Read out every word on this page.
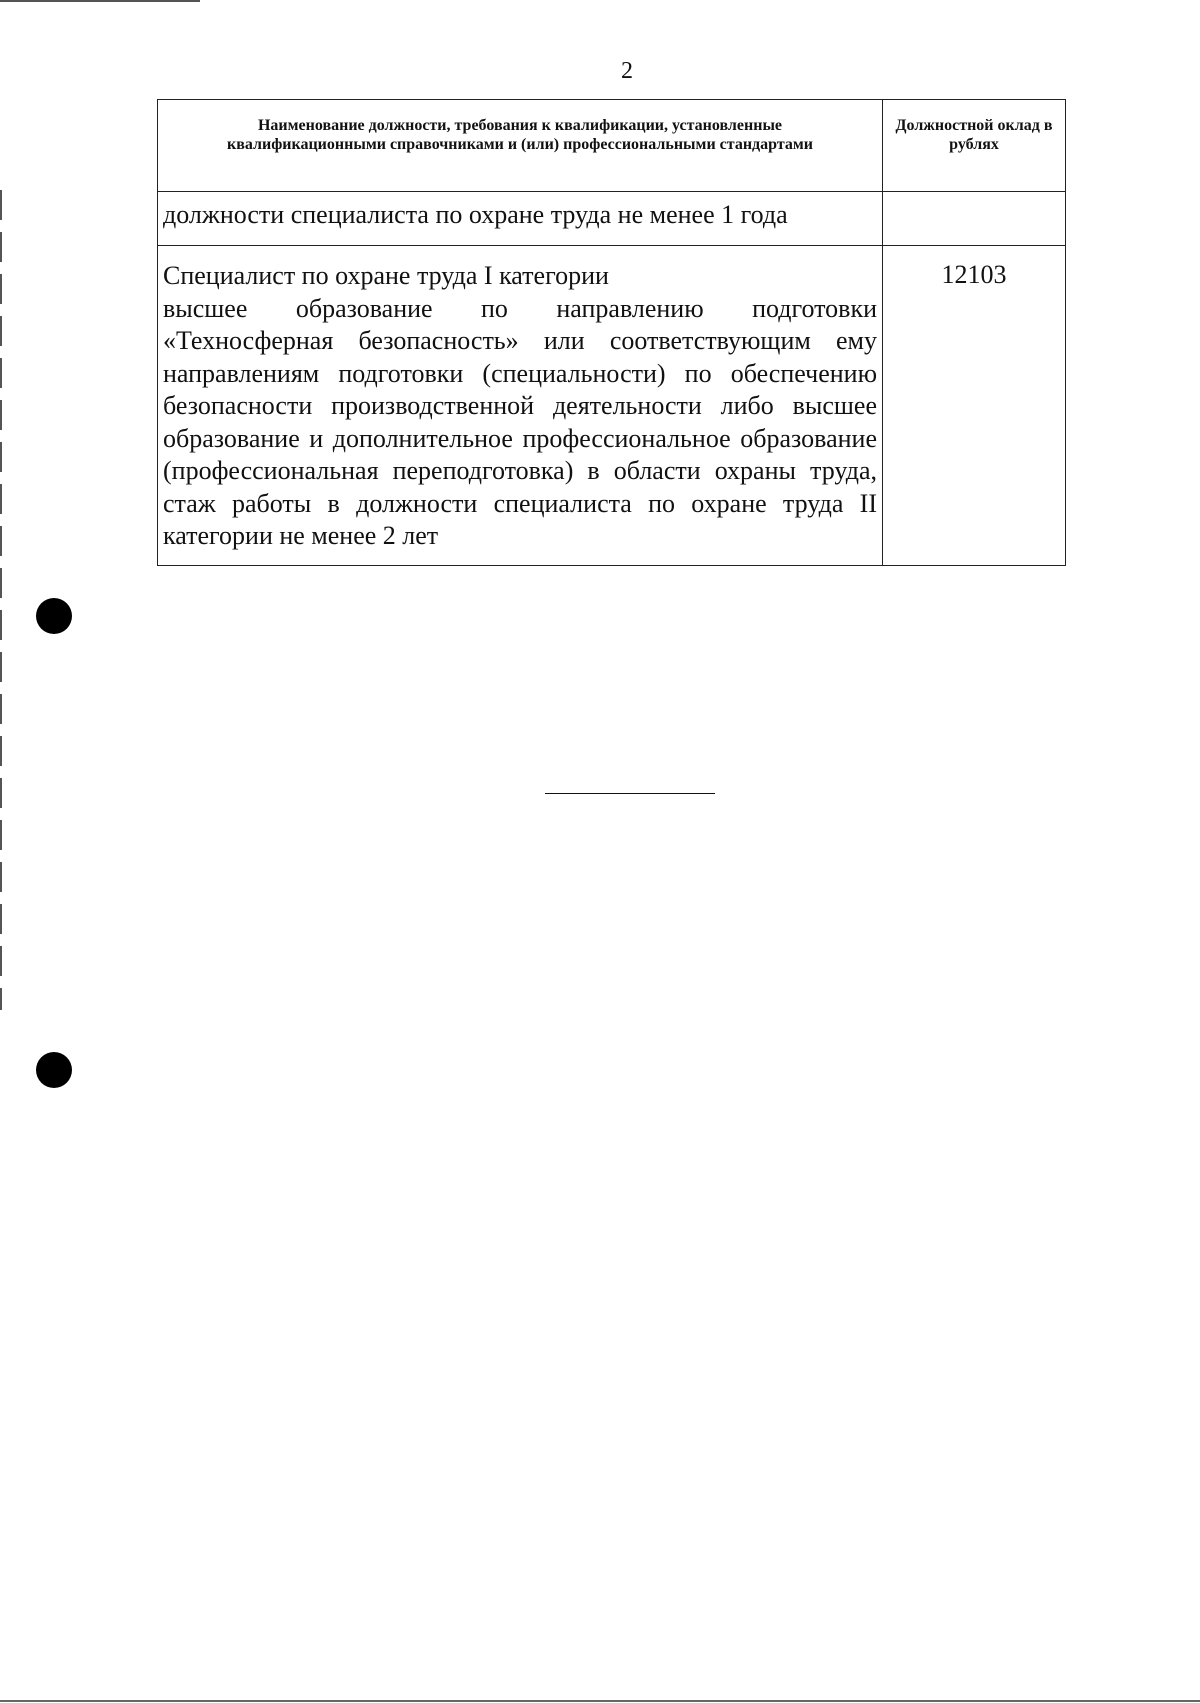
2
Наименование должности, требования к квалификации, установленные квалификационными справочниками и (или) профессиональными стандартами	Должностной оклад в рублях
должности специалиста по охране труда не менее 1 года	

Специалист по охране труда I категории
высшее образование по направлению подготовки «Техносферная безопасность» или соответствующим ему направлениям подготовки (специальности) по обеспечению безопасности производственной деятельности либо высшее образование и дополнительное профессиональное образование (профессиональная переподготовка) в области охраны труда, стаж работы в должности специалиста по охране труда II категории не менее 2 лет	12103
